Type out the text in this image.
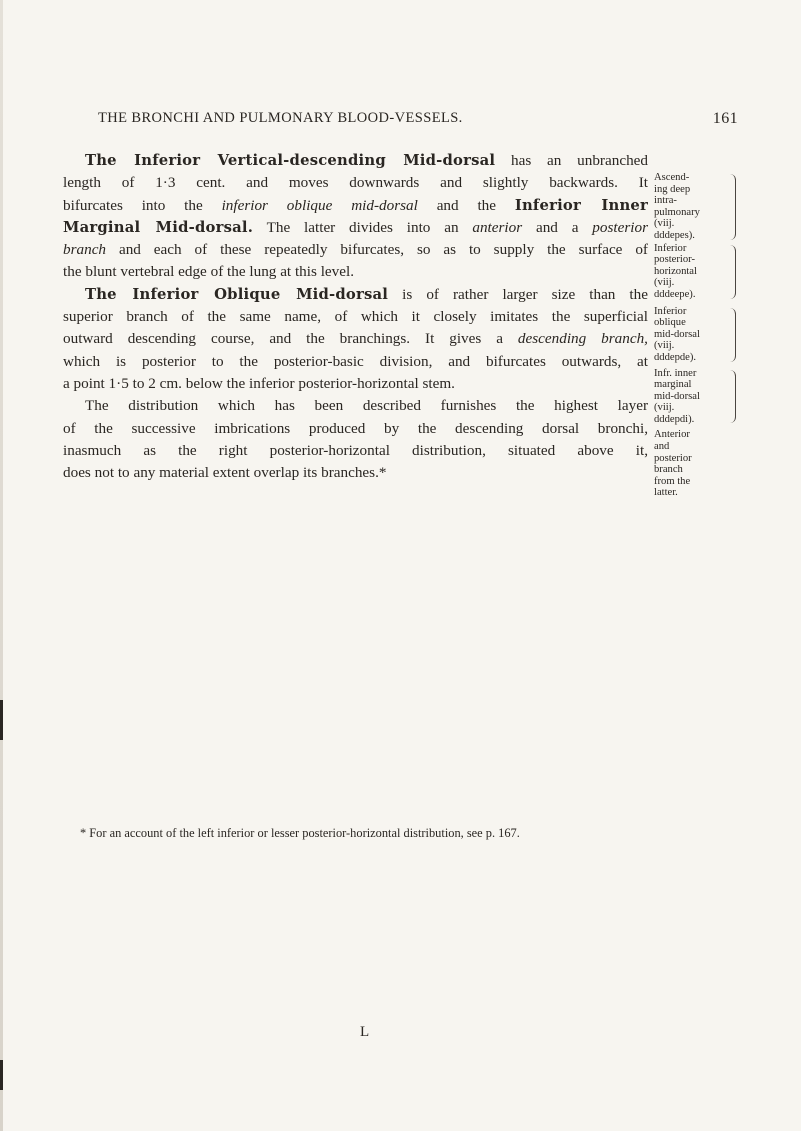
THE BRONCHI AND PULMONARY BLOOD-VESSELS.	161
The Inferior Vertical-descending Mid-dorsal has an unbranched
length of 1·3 cent. and moves downwards and slightly backwards. It
bifurcates into the inferior oblique mid-dorsal and the Inferior Inner
Marginal Mid-dorsal. The latter divides into an anterior and a posterior
branch and each of these repeatedly bifurcates, so as to supply the surface of
the blunt vertebral edge of the lung at this level.
The Inferior Oblique Mid-dorsal is of rather larger size than the
superior branch of the same name, of which it closely imitates the superficial
outward descending course, and the branchings. It gives a descending branch,
which is posterior to the posterior-basic division, and bifurcates outwards, at
a point 1·5 to 2 cm. below the inferior posterior-horizontal stem.
The distribution which has been described furnishes the highest layer
of the successive imbrications produced by the descending dorsal bronchi,
inasmuch as the right posterior-horizontal distribution, situated above it,
does not to any material extent overlap its branches.*
* For an account of the left inferior or lesser posterior-horizontal distribution, see p. 167.
Ascend-
ing deep
intra-
pulmonary
(viij.
dddepes).
Inferior
posterior-
horizontal
(viij.
dddeepe).
Inferior
oblique
mid-dorsal
(viij.
dddepde).
Infr. inner
marginal
mid-dorsal
(viij.
dddepdi).
Anterior
and
posterior
branch
from the
latter.
L
